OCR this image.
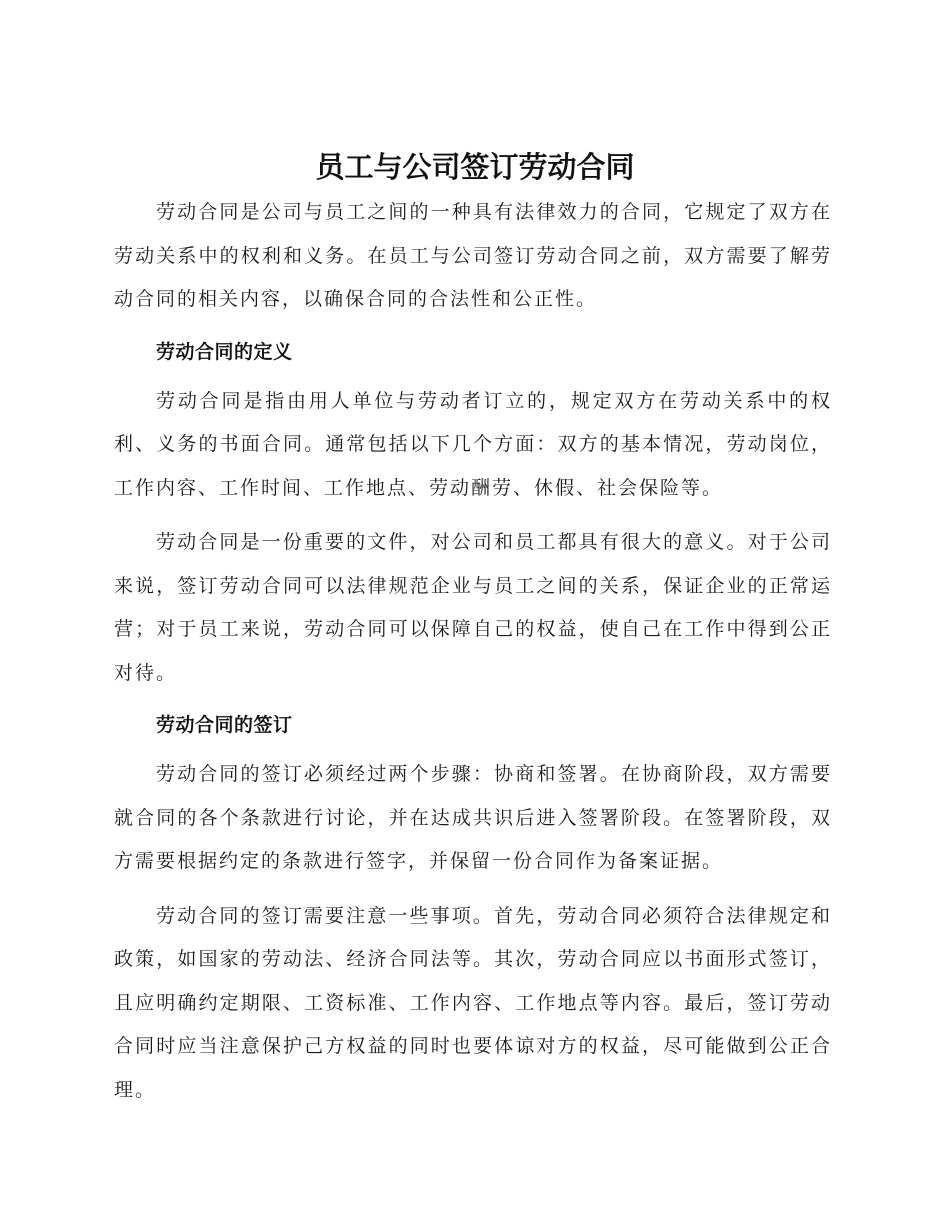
员工与公司签订劳动合同

劳动合同是公司与员工之间的一种具有法律效力的合同，它规定了双方在劳动关系中的权利和义务。在员工与公司签订劳动合同之前，双方需要了解劳动合同的相关内容，以确保合同的合法性和公正性。

劳动合同的定义

劳动合同是指由用人单位与劳动者订立的，规定双方在劳动关系中的权利、义务的书面合同。通常包括以下几个方面：双方的基本情况，劳动岗位，工作内容、工作时间、工作地点、劳动酬劳、休假、社会保险等。

劳动合同是一份重要的文件，对公司和员工都具有很大的意义。对于公司来说，签订劳动合同可以法律规范企业与员工之间的关系，保证企业的正常运营；对于员工来说，劳动合同可以保障自己的权益，使自己在工作中得到公正对待。

劳动合同的签订

劳动合同的签订必须经过两个步骤：协商和签署。在协商阶段，双方需要就合同的各个条款进行讨论，并在达成共识后进入签署阶段。在签署阶段，双方需要根据约定的条款进行签字，并保留一份合同作为备案证据。

劳动合同的签订需要注意一些事项。首先，劳动合同必须符合法律规定和政策，如国家的劳动法、经济合同法等。其次，劳动合同应以书面形式签订，且应明确约定期限、工资标准、工作内容、工作地点等内容。最后，签订劳动合同时应当注意保护己方权益的同时也要体谅对方的权益，尽可能做到公正合理。
